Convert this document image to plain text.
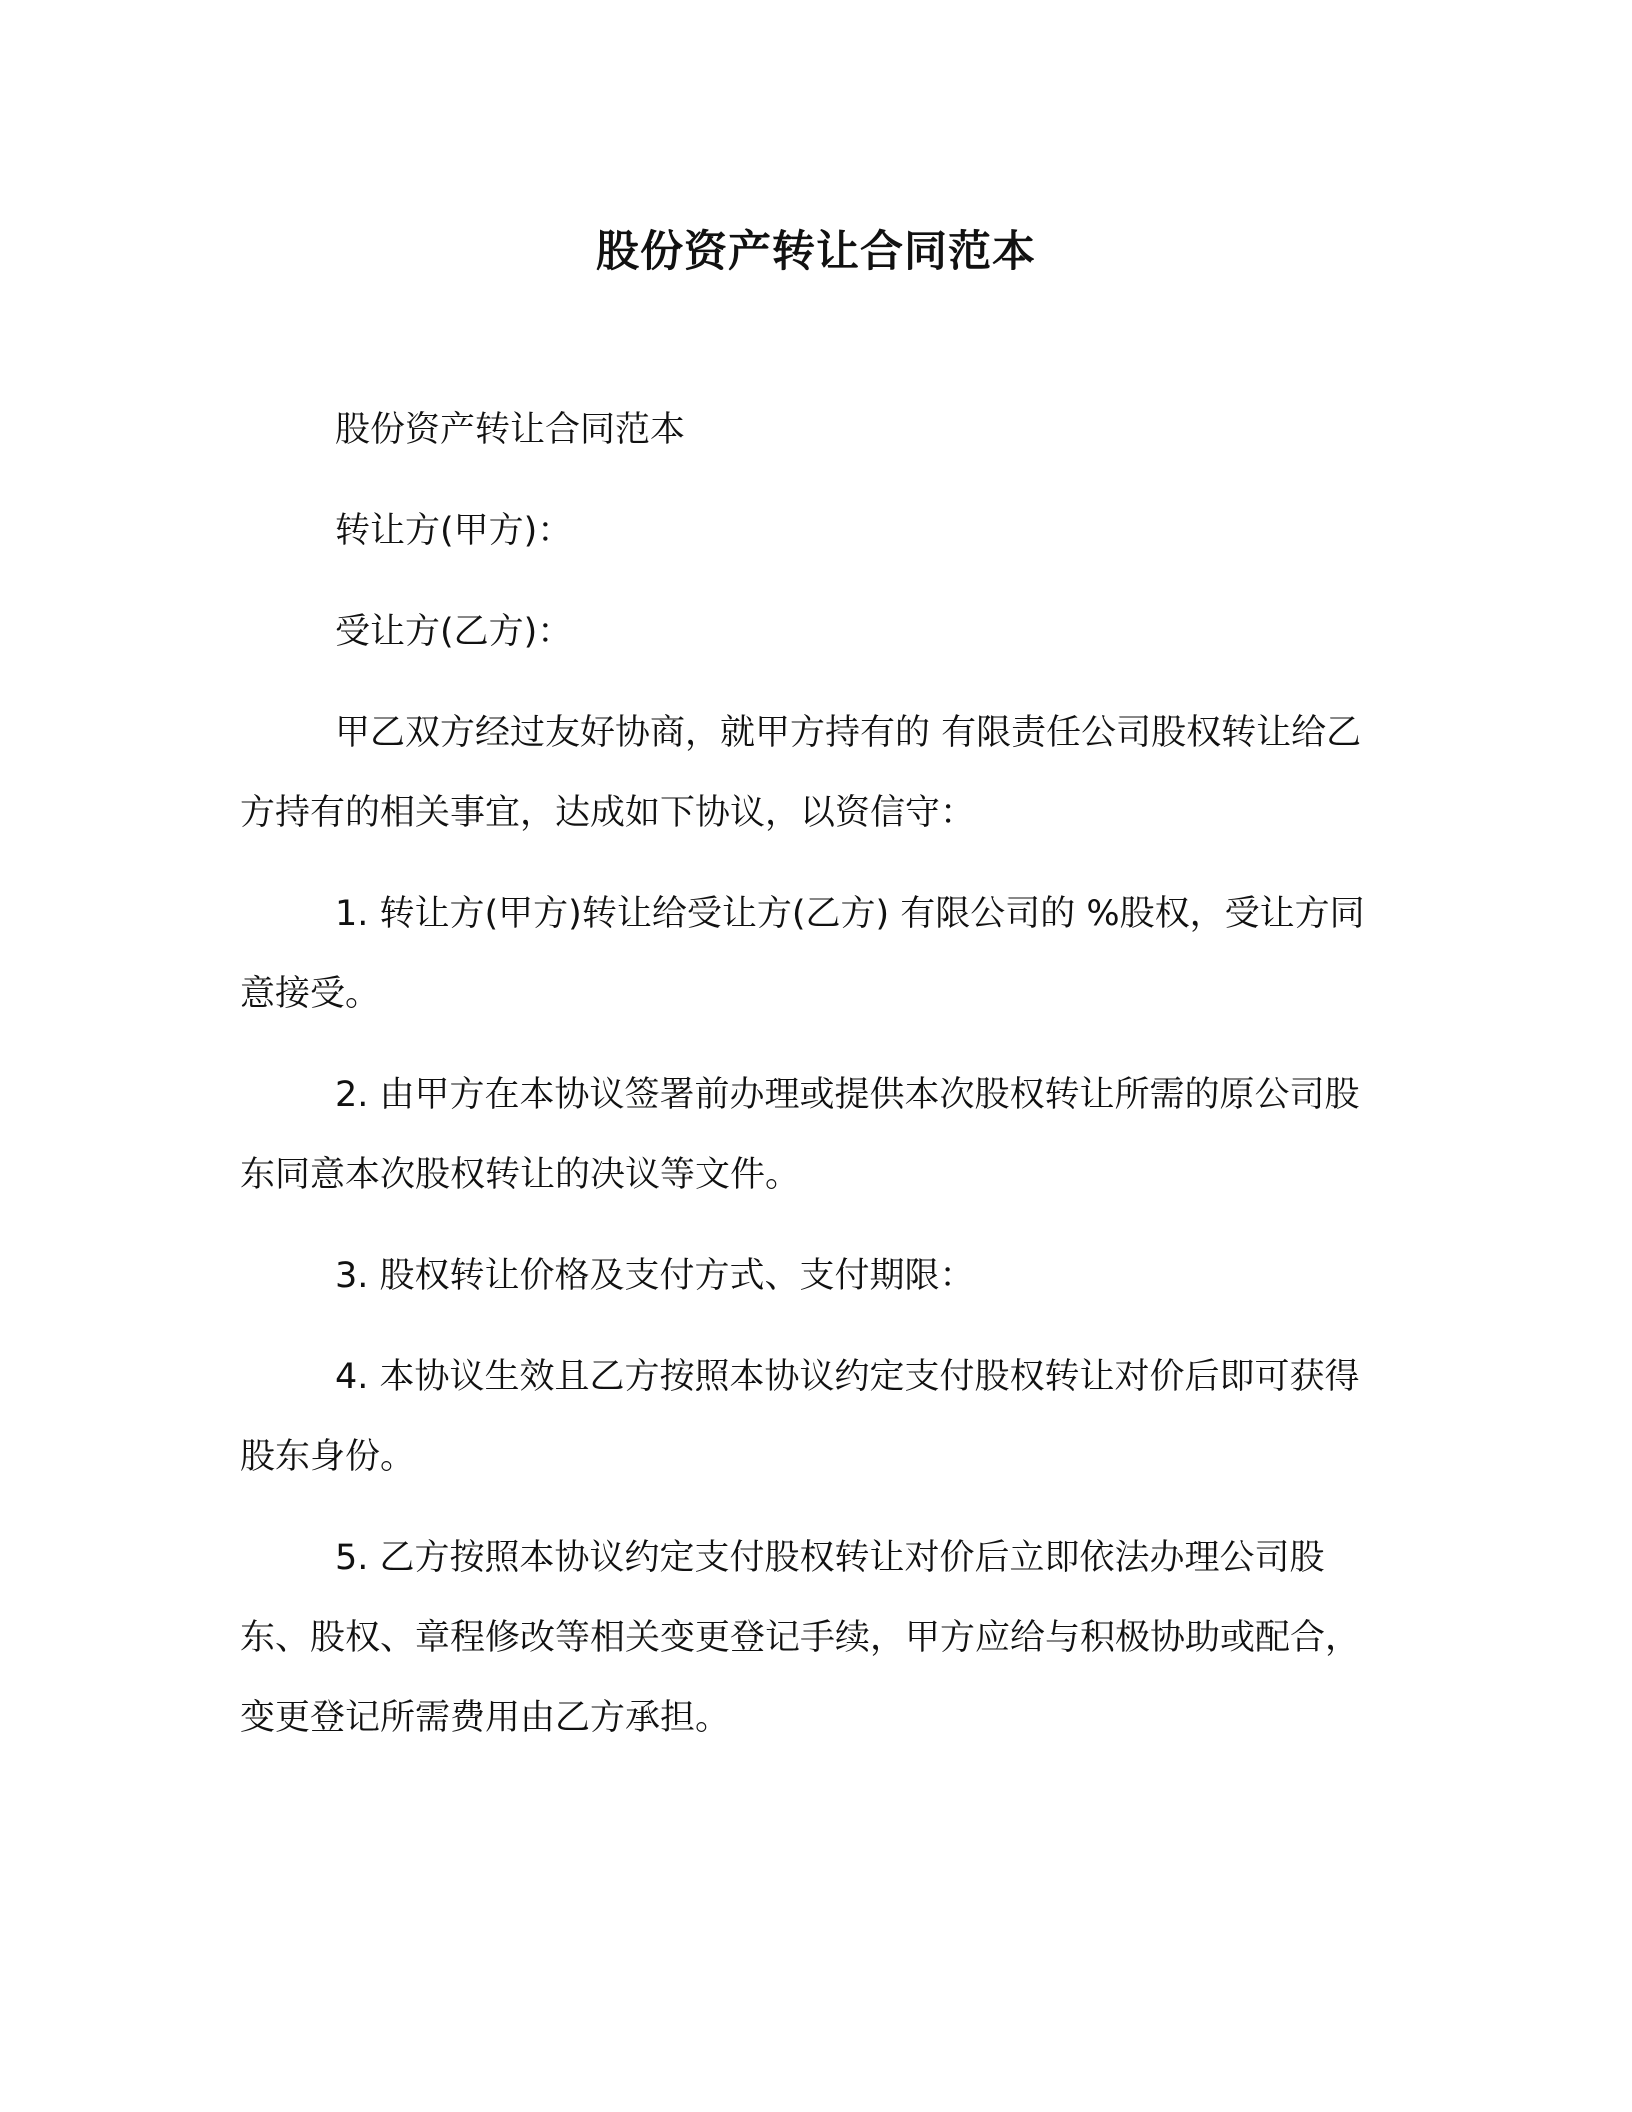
股份资产转让合同范本

股份资产转让合同范本

转让方(甲方)：

受让方(乙方)：

甲乙双方经过友好协商，就甲方持有的 有限责任公司股权转让给乙方持有的相关事宜，达成如下协议，以资信守：

1. 转让方(甲方)转让给受让方(乙方) 有限公司的 %股权，受让方同意接受。

2. 由甲方在本协议签署前办理或提供本次股权转让所需的原公司股东同意本次股权转让的决议等文件。

3. 股权转让价格及支付方式、支付期限：

4. 本协议生效且乙方按照本协议约定支付股权转让对价后即可获得股东身份。

5. 乙方按照本协议约定支付股权转让对价后立即依法办理公司股东、股权、章程修改等相关变更登记手续，甲方应给与积极协助或配合，变更登记所需费用由乙方承担。
